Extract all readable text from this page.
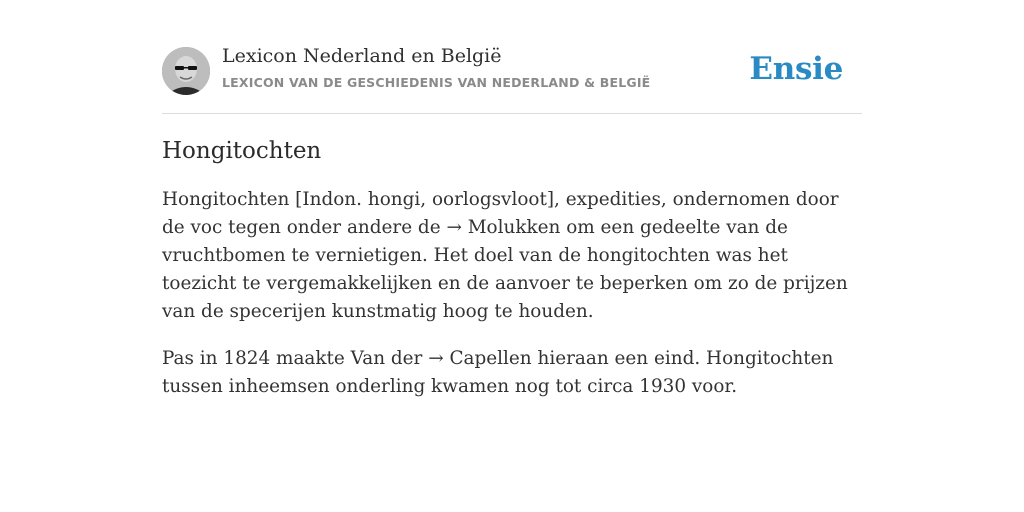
Lexicon Nederland en België
LEXICON VAN DE GESCHIEDENIS VAN NEDERLAND & BELGIË	Ensie
Hongitochten

Hongitochten [Indon. hongi, oorlogsvloot], expedities, ondernomen door de voc tegen onder andere de → Molukken om een gedeelte van de vruchtbomen te vernietigen. Het doel van de hongitochten was het toezicht te vergemakkelijken en de aanvoer te beperken om zo de prijzen van de specerijen kunstmatig hoog te houden.

Pas in 1824 maakte Van der → Capellen hieraan een eind. Hongitochten tussen inheemsen onderling kwamen nog tot circa 1930 voor.
